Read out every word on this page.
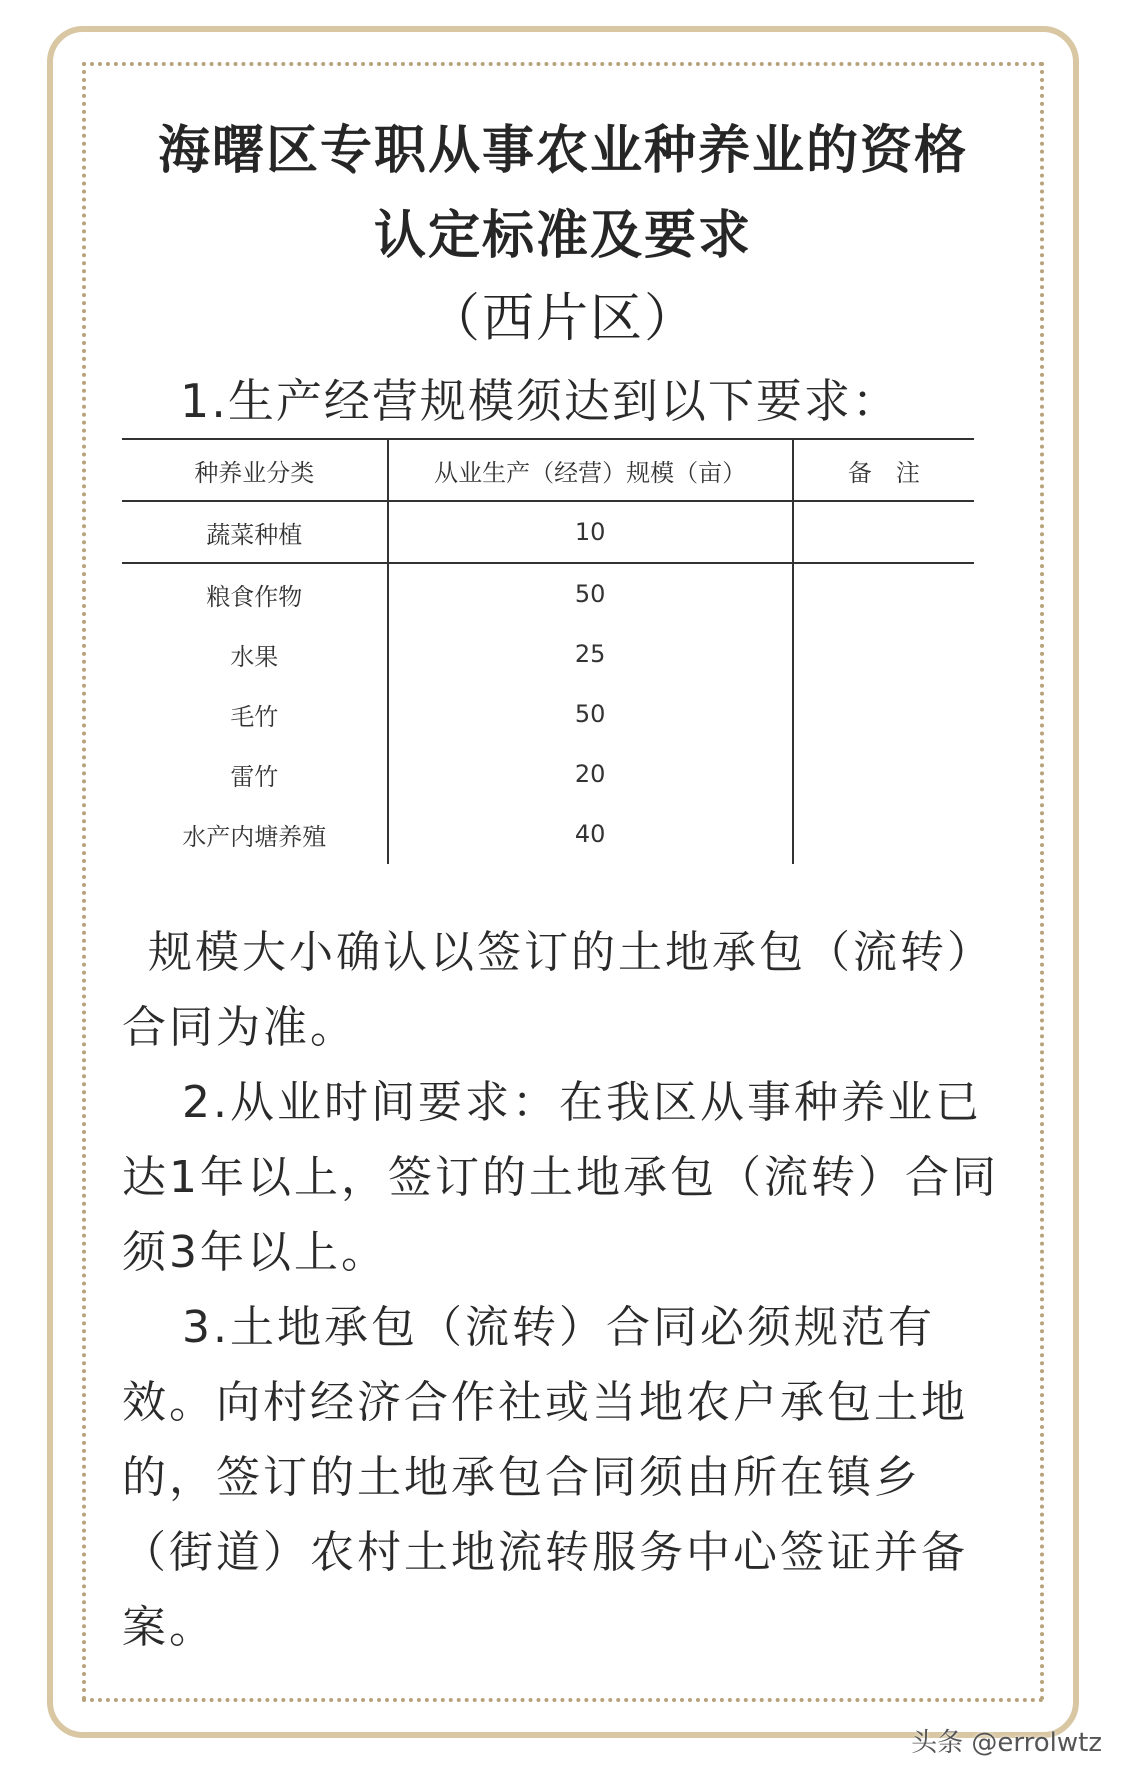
海曙区专职从事农业种养业的资格
认定标准及要求
（西片区）
1.生产经营规模须达到以下要求：
种养业分类	从业生产（经营）规模（亩）	备　注
蔬菜种植	10	
粮食作物	50	
水果	25	
毛竹	50	
雷竹	20	
水产内塘养殖	40	

规模大小确认以签订的土地承包（流转）合同为准。

2.从业时间要求：在我区从事种养业已达1年以上，签订的土地承包（流转）合同须3年以上。

3.土地承包（流转）合同必须规范有效。向村经济合作社或当地农户承包土地的，签订的土地承包合同须由所在镇乡（街道）农村土地流转服务中心签证并备案。

头条 @errolwtz
